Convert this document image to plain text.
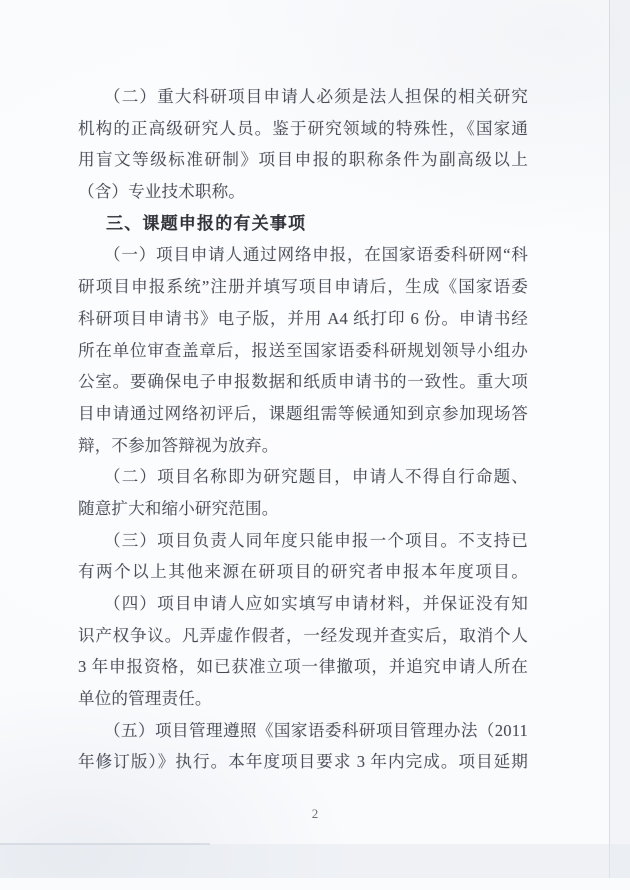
（二）重大科研项目申请人必须是法人担保的相关研究
机构的正高级研究人员。鉴于研究领域的特殊性，《国家通
用盲文等级标准研制》项目申报的职称条件为副高级以上
（含）专业技术职称。
三、课题申报的有关事项
（一）项目申请人通过网络申报，在国家语委科研网“科
研项目申报系统”注册并填写项目申请后，生成《国家语委
科研项目申请书》电子版，并用 A4 纸打印 6 份。申请书经
所在单位审查盖章后，报送至国家语委科研规划领导小组办
公室。要确保电子申报数据和纸质申请书的一致性。重大项
目申请通过网络初评后，课题组需等候通知到京参加现场答
辩，不参加答辩视为放弃。
（二）项目名称即为研究题目，申请人不得自行命题、
随意扩大和缩小研究范围。
（三）项目负责人同年度只能申报一个项目。不支持已
有两个以上其他来源在研项目的研究者申报本年度项目。
（四）项目申请人应如实填写申请材料，并保证没有知
识产权争议。凡弄虚作假者，一经发现并查实后，取消个人
3 年申报资格，如已获准立项一律撤项，并追究申请人所在
单位的管理责任。
（五）项目管理遵照《国家语委科研项目管理办法（2011
年修订版）》执行。本年度项目要求 3 年内完成。项目延期
2
